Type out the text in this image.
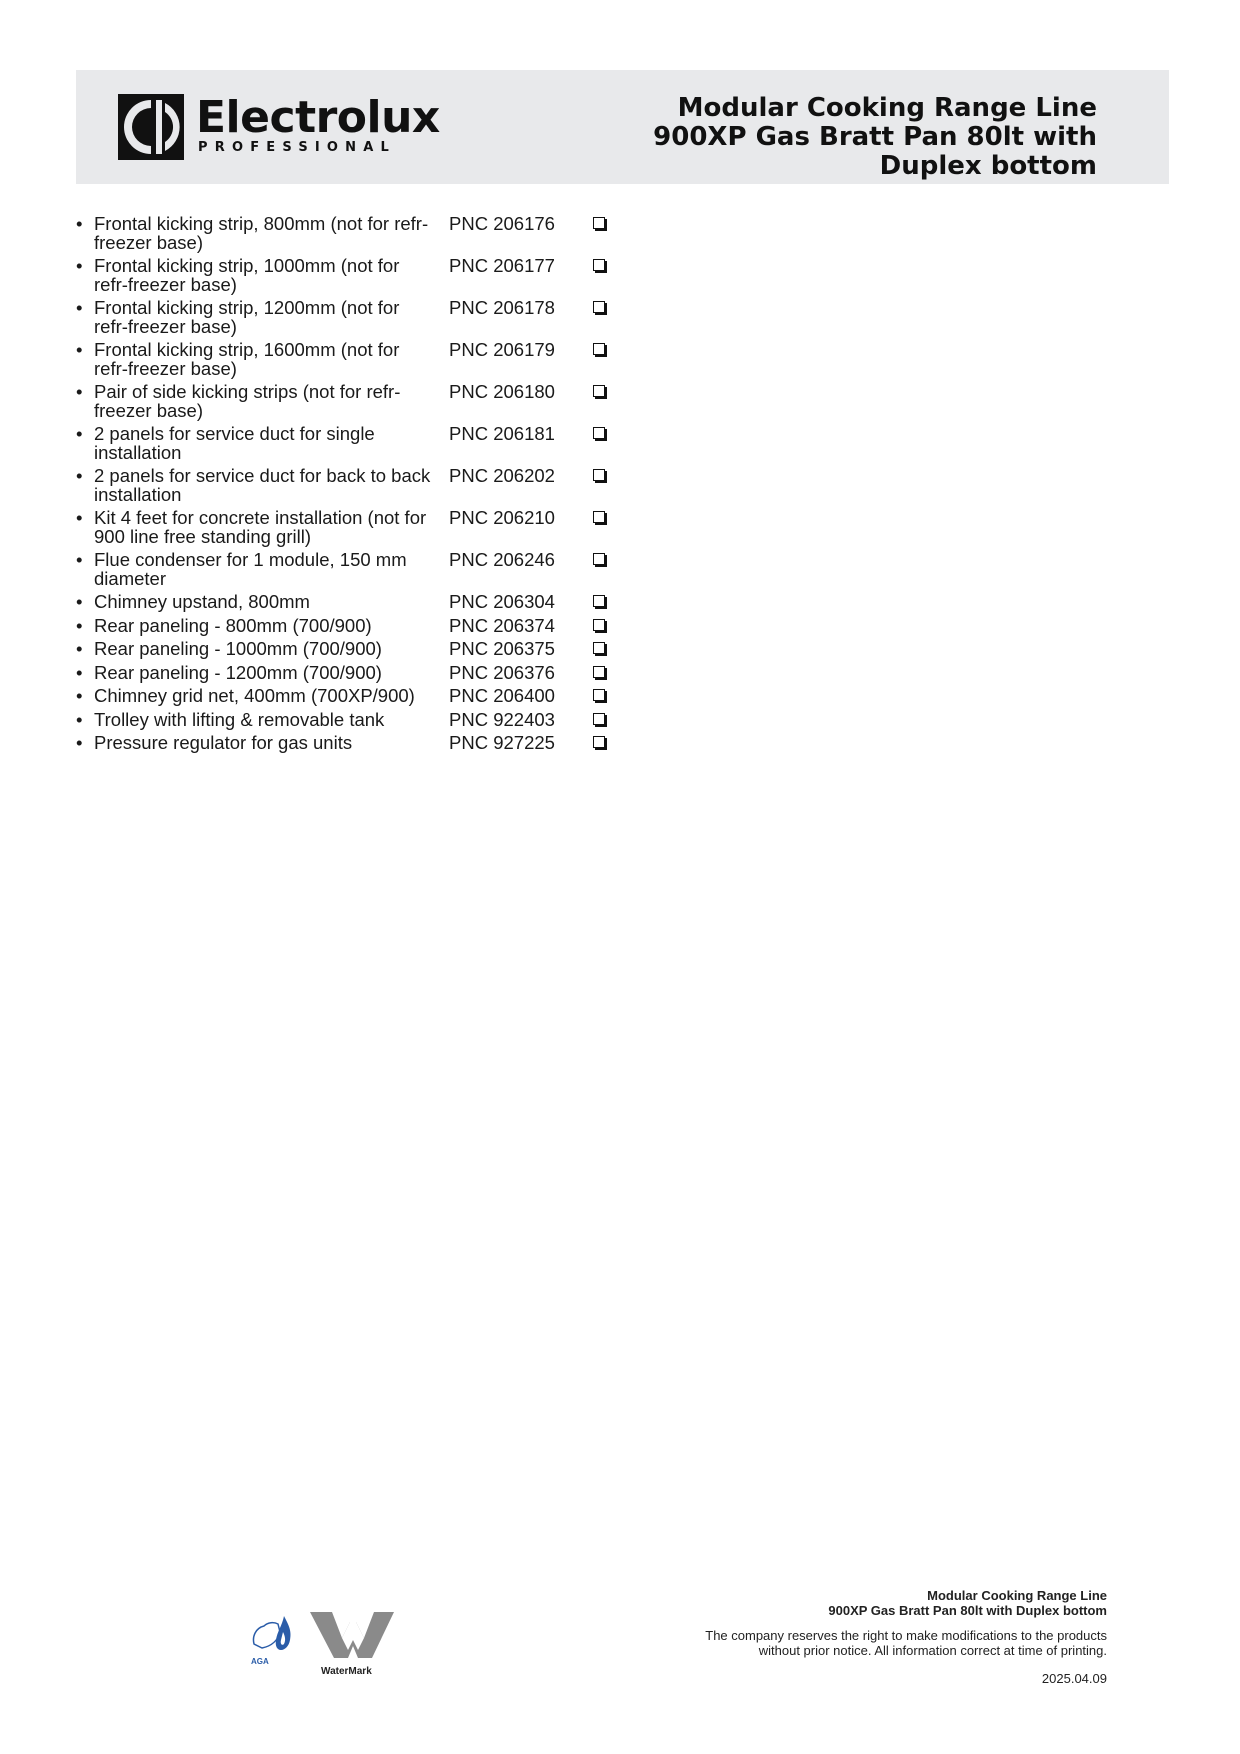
Electrolux
PROFESSIONAL
Modular Cooking Range Line
900XP Gas Bratt Pan 80lt with
Duplex bottom
• Frontal kicking strip, 800mm (not for refr-freezer base)
PNC 206176
• Frontal kicking strip, 1000mm (not for refr-freezer base)
PNC 206177
• Frontal kicking strip, 1200mm (not for refr-freezer base)
PNC 206178
• Frontal kicking strip, 1600mm (not for refr-freezer base)
PNC 206179
• Pair of side kicking strips (not for refr-freezer base)
PNC 206180
• 2 panels for service duct for single installation
PNC 206181
• 2 panels for service duct for back to back installation
PNC 206202
• Kit 4 feet for concrete installation (not for 900 line free standing grill)
PNC 206210
• Flue condenser for 1 module, 150 mm diameter
PNC 206246
• Chimney upstand, 800mm	PNC 206304
• Rear paneling - 800mm (700/900)	PNC 206374
• Rear paneling - 1000mm (700/900)	PNC 206375
• Rear paneling - 1200mm (700/900)	PNC 206376
• Chimney grid net, 400mm (700XP/900)	PNC 206400
• Trolley with lifting & removable tank	PNC 922403
• Pressure regulator for gas units	PNC 927225
AGA
WaterMark
Modular Cooking Range Line
900XP Gas Bratt Pan 80lt with Duplex bottom
The company reserves the right to make modifications to the products
without prior notice. All information correct at time of printing.
2025.04.09
